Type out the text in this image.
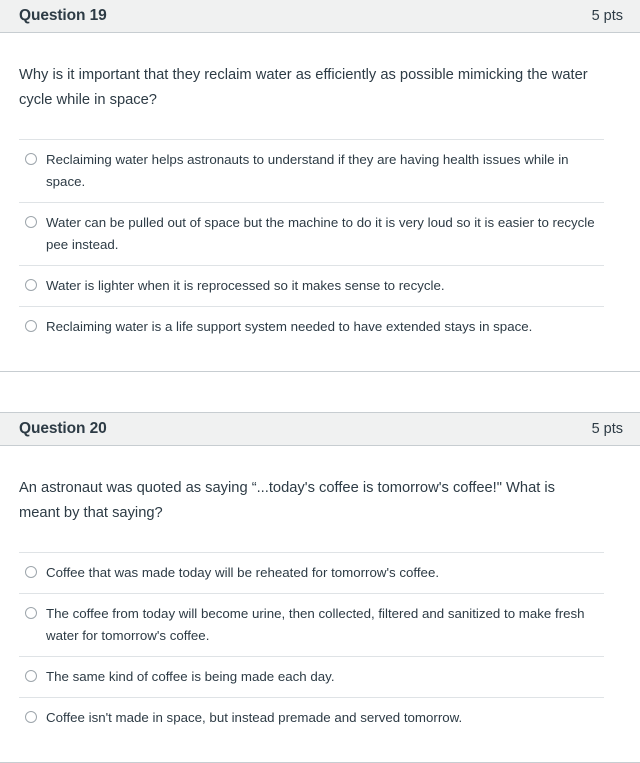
Question 19	5 pts

Why is it important that they reclaim water as efficiently as possible mimicking the water cycle while in space?

Reclaiming water helps astronauts to understand if they are having health issues while in space.
Water can be pulled out of space but the machine to do it is very loud so it is easier to recycle pee instead.
Water is lighter when it is reprocessed so it makes sense to recycle.
Reclaiming water is a life support system needed to have extended stays in space.
Question 20	5 pts

An astronaut was quoted as saying “...today's coffee is tomorrow's coffee!" What is meant by that saying?

Coffee that was made today will be reheated for tomorrow's coffee.
The coffee from today will become urine, then collected, filtered and sanitized to make fresh water for tomorrow's coffee.
The same kind of coffee is being made each day.
Coffee isn't made in space, but instead premade and served tomorrow.
